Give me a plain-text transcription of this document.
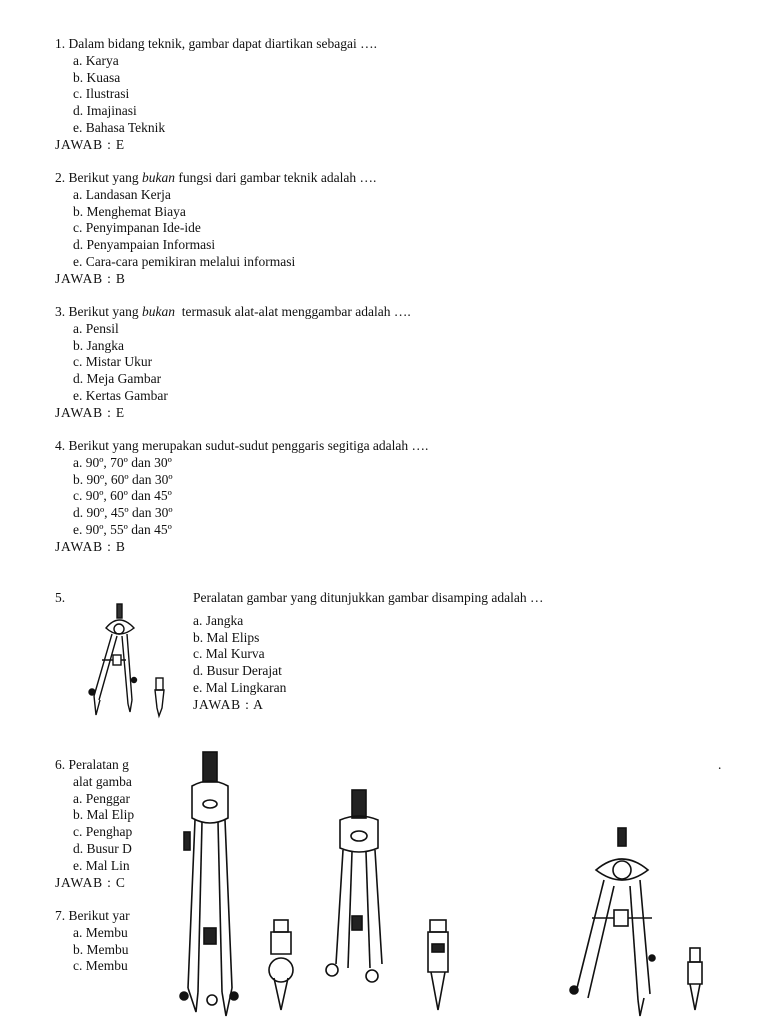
1. Dalam bidang teknik, gambar dapat diartikan sebagai ….

a. Karya

b. Kuasa

c. Ilustrasi

d. Imajinasi

e. Bahasa Teknik

JAWAB : E

2. Berikut yang bukan fungsi dari gambar teknik adalah ….

a. Landasan Kerja

b. Menghemat Biaya

c. Penyimpanan Ide-ide

d. Penyampaian Informasi

e. Cara-cara pemikiran melalui informasi

JAWAB : B

3. Berikut yang bukan  termasuk alat-alat menggambar adalah ….

a. Pensil

b. Jangka

c. Mistar Ukur

d. Meja Gambar

e. Kertas Gambar

JAWAB : E

4. Berikut yang merupakan sudut-sudut penggaris segitiga adalah ….

a. 90º, 70º dan 30º

b. 90º, 60º dan 30º

c. 90º, 60º dan 45º

d. 90º, 45º dan 30º

e. 90º, 55º dan 45º

JAWAB : B

5.	Peralatan gambar yang ditunjukkan gambar disamping adalah …

a. Jangka

b. Mal Elips

c. Mal Kurva

d. Busur Derajat

e. Mal Lingkaran

JAWAB : A

6. Peralatan g

alat gamba

a. Penggar

b. Mal Elip

c. Penghap

d. Busur D

e. Mal Lin

JAWAB : C

.

7. Berikut yar

a. Membu

b. Membu

c. Membu
